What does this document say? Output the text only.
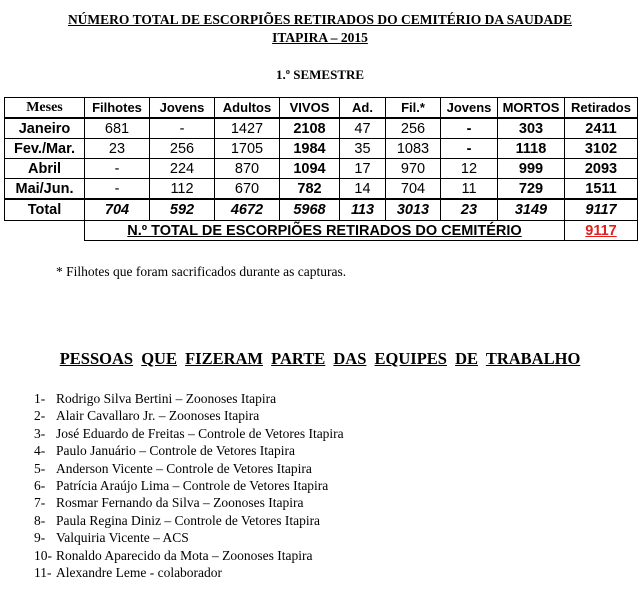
NÚMERO TOTAL DE ESCORPIÕES RETIRADOS DO CEMITÉRIO DA SAUDADE
ITAPIRA – 2015
1.º SEMESTRE
Meses	Filhotes	Jovens	Adultos	VIVOS	Ad.	Fil.*	Jovens	MORTOS	Retirados
Janeiro	681	-	1427	2108	47	256	-	303	2411
Fev./Mar.	23	256	1705	1984	35	1083	-	1118	3102
Abril	-	224	870	1094	17	970	12	999	2093
Mai/Jun.	-	112	670	782	14	704	11	729	1511
Total	704	592	4672	5968	113	3013	23	3149	9117
	N.º TOTAL DE ESCORPIÕES RETIRADOS DO CEMITÉRIO								9117
* Filhotes que foram sacrificados durante as capturas.
PESSOAS QUE FIZERAM PARTE DAS EQUIPES DE TRABALHO
1- Rodrigo Silva Bertini – Zoonoses Itapira
2- Alair Cavallaro Jr. – Zoonoses Itapira
3- José Eduardo de Freitas – Controle de Vetores Itapira
4- Paulo Januário – Controle de Vetores Itapira
5- Anderson Vicente – Controle de Vetores Itapira
6- Patrícia Araújo Lima – Controle de Vetores Itapira
7- Rosmar Fernando da Silva – Zoonoses Itapira
8- Paula Regina Diniz – Controle de Vetores Itapira
9- Valquiria Vicente – ACS
10- Ronaldo Aparecido da Mota – Zoonoses Itapira
11- Alexandre Leme - colaborador
